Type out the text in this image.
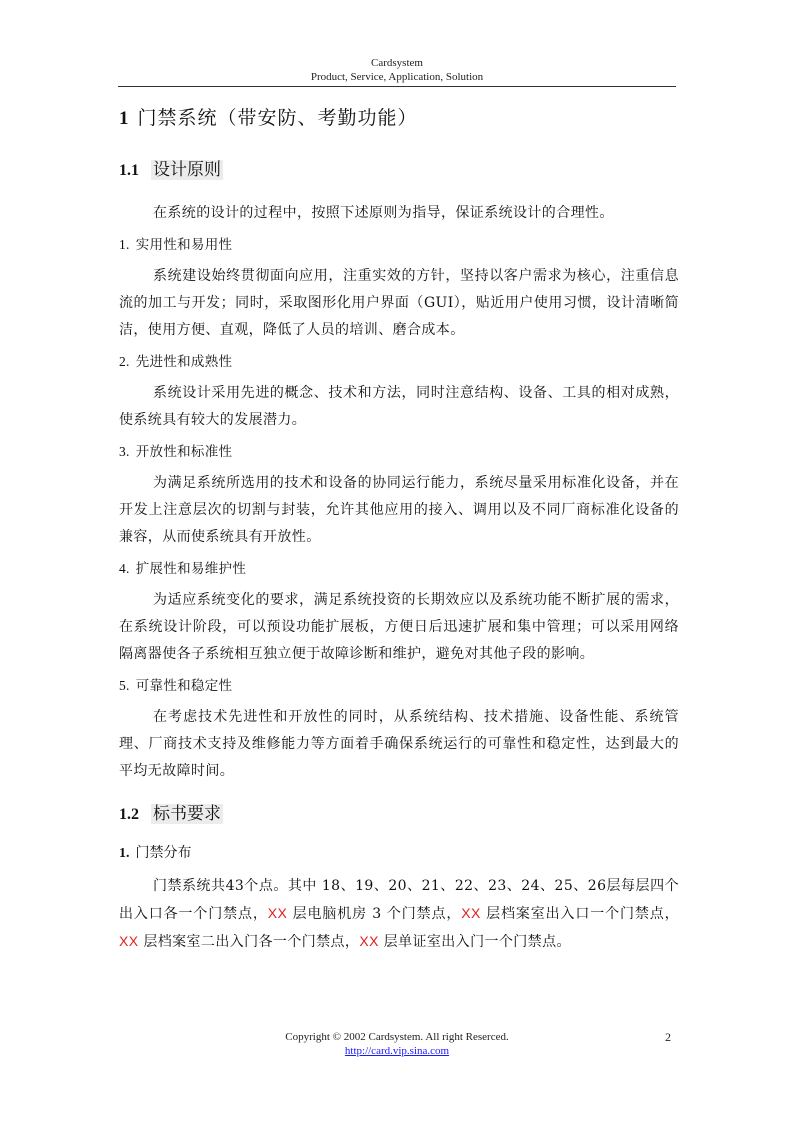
Cardsystem
Product, Service, Application, Solution
1 门禁系统（带安防、考勤功能）
1.1 设计原则

在系统的设计的过程中，按照下述原则为指导，保证系统设计的合理性。

1. 实用性和易用性

系统建设始终贯彻面向应用，注重实效的方针，坚持以客户需求为核心，注重信息流的加工与开发；同时，采取图形化用户界面（GUI），贴近用户使用习惯，设计清晰简洁，使用方便、直观，降低了人员的培训、磨合成本。

2. 先进性和成熟性

系统设计采用先进的概念、技术和方法，同时注意结构、设备、工具的相对成熟，使系统具有较大的发展潜力。

3. 开放性和标准性

为满足系统所选用的技术和设备的协同运行能力，系统尽量采用标准化设备，并在开发上注意层次的切割与封装，允许其他应用的接入、调用以及不同厂商标准化设备的兼容，从而使系统具有开放性。

4. 扩展性和易维护性

为适应系统变化的要求，满足系统投资的长期效应以及系统功能不断扩展的需求，在系统设计阶段，可以预设功能扩展板，方便日后迅速扩展和集中管理；可以采用网络隔离器使各子系统相互独立便于故障诊断和维护，避免对其他子段的影响。

5. 可靠性和稳定性

在考虑技术先进性和开放性的同时，从系统结构、技术措施、设备性能、系统管理、厂商技术支持及维修能力等方面着手确保系统运行的可靠性和稳定性，达到最大的平均无故障时间。

1.2 标书要求

1. 门禁分布

门禁系统共43个点。其中 18、19、20、21、22、23、24、25、26层每层四个出入口各一个门禁点，XX 层电脑机房 3 个门禁点，XX 层档案室出入口一个门禁点，XX 层档案室二出入门各一个门禁点，XX 层单证室出入门一个门禁点。

Copyright © 2002 Cardsystem. All right Reserced.
http://card.vip.sina.com
2
